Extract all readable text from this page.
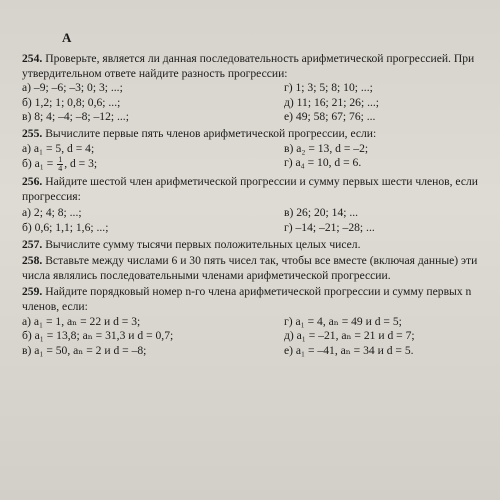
A
254. Проверьте, является ли данная последовательность арифметической прогрессией. При утвердительном ответе найдите разность прогрессии:
а) –9; –6; –3; 0; 3; ...;	г) 1; 3; 5; 8; 10; ...;
б) 1,2; 1; 0,8; 0,6; ...;	д) 11; 16; 21; 26; ...;
в) 8; 4; –4; –8; –12; ...;	е) 49; 58; 67; 76; ...
255. Вычислите первые пять членов арифметической прогрессии, если:
а) a₁ = 5, d = 4;	в) a₂ = 13, d = –2;
б) $a_1 = \frac{1}{4}$ , d = 3;	г) a₄ = 10, d = 6.
256. Найдите шестой член арифметической прогрессии и сумму первых шести членов, если прогрессия:
а) 2; 4; 8; ...;	в) 26; 20; 14; ...
б) 0,6; 1,1; 1,6; ...;	г) –14; –21; –28; ...
257. Вычислите сумму тысячи первых положительных целых чисел.
258. Вставьте между числами 6 и 30 пять чисел так, чтобы все вместе (включая данные) эти числа являлись последовательными членами арифметической прогрессии.
259. Найдите порядковый номер n-го члена арифметической прогрессии и сумму первых n членов, если:
а) a₁ = 1, aₙ = 22 и d = 3;	г) a₁ = 4, aₙ = 49 и d = 5;
б) a₁ = 13,8; aₙ = 31,3 и d = 0,7;	д) a₁ = –21, aₙ = 21 и d = 7;
в) a₁ = 50, aₙ = 2 и d = –8;	е) a₁ = –41, aₙ = 34 и d = 5.
